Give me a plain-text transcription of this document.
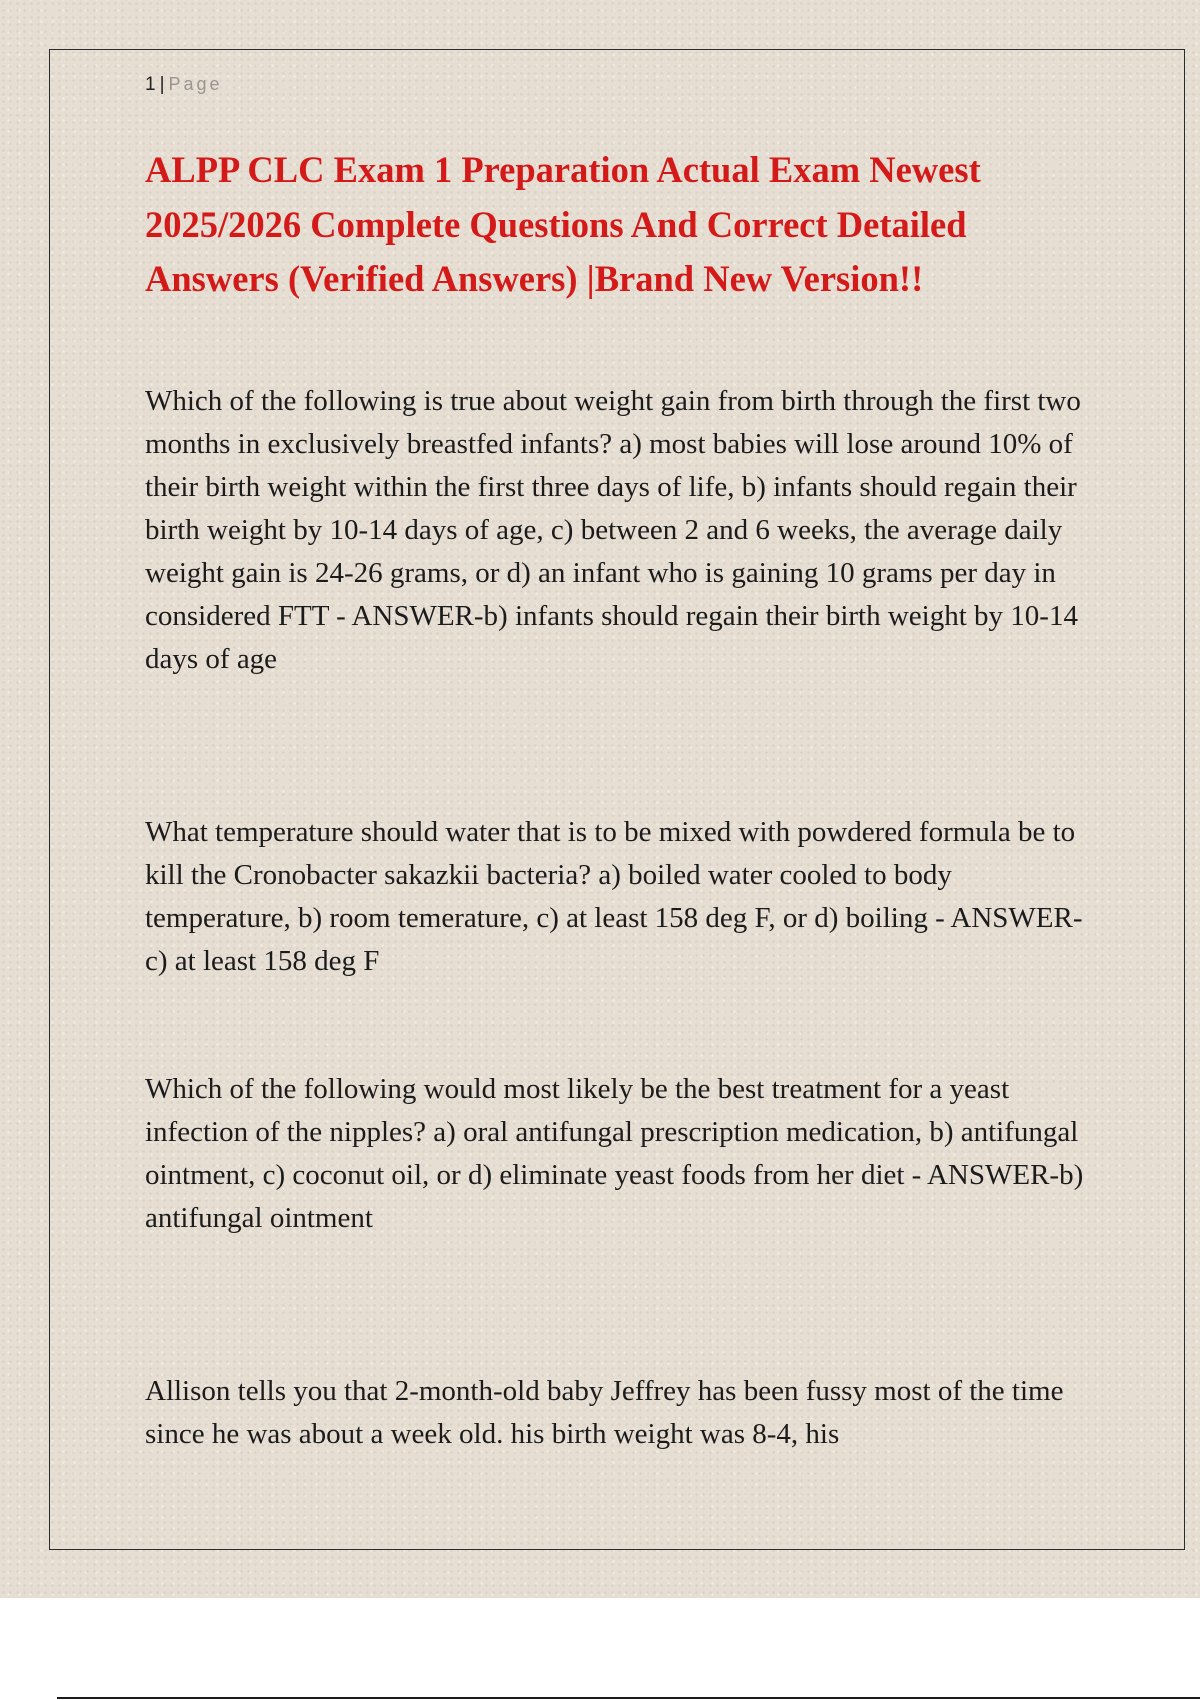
1 | Page
ALPP CLC Exam 1 Preparation Actual Exam Newest 2025/2026 Complete Questions And Correct Detailed Answers (Verified Answers) |Brand New Version!!

Which of the following is true about weight gain from birth through the first two months in exclusively breastfed infants? a) most babies will lose around 10% of their birth weight within the first three days of life, b) infants should regain their birth weight by 10-14 days of age, c) between 2 and 6 weeks, the average daily weight gain is 24-26 grams, or d) an infant who is gaining 10 grams per day in considered FTT - ANSWER-b) infants should regain their birth weight by 10-14 days of age

What temperature should water that is to be mixed with powdered formula be to kill the Cronobacter sakazkii bacteria? a) boiled water cooled to body temperature, b) room temerature, c) at least 158 deg F, or d) boiling - ANSWER-c) at least 158 deg F

Which of the following would most likely be the best treatment for a yeast infection of the nipples? a) oral antifungal prescription medication, b) antifungal ointment, c) coconut oil, or d) eliminate yeast foods from her diet - ANSWER-b) antifungal ointment

Allison tells you that 2-month-old baby Jeffrey has been fussy most of the time since he was about a week old. his birth weight was 8-4, his
